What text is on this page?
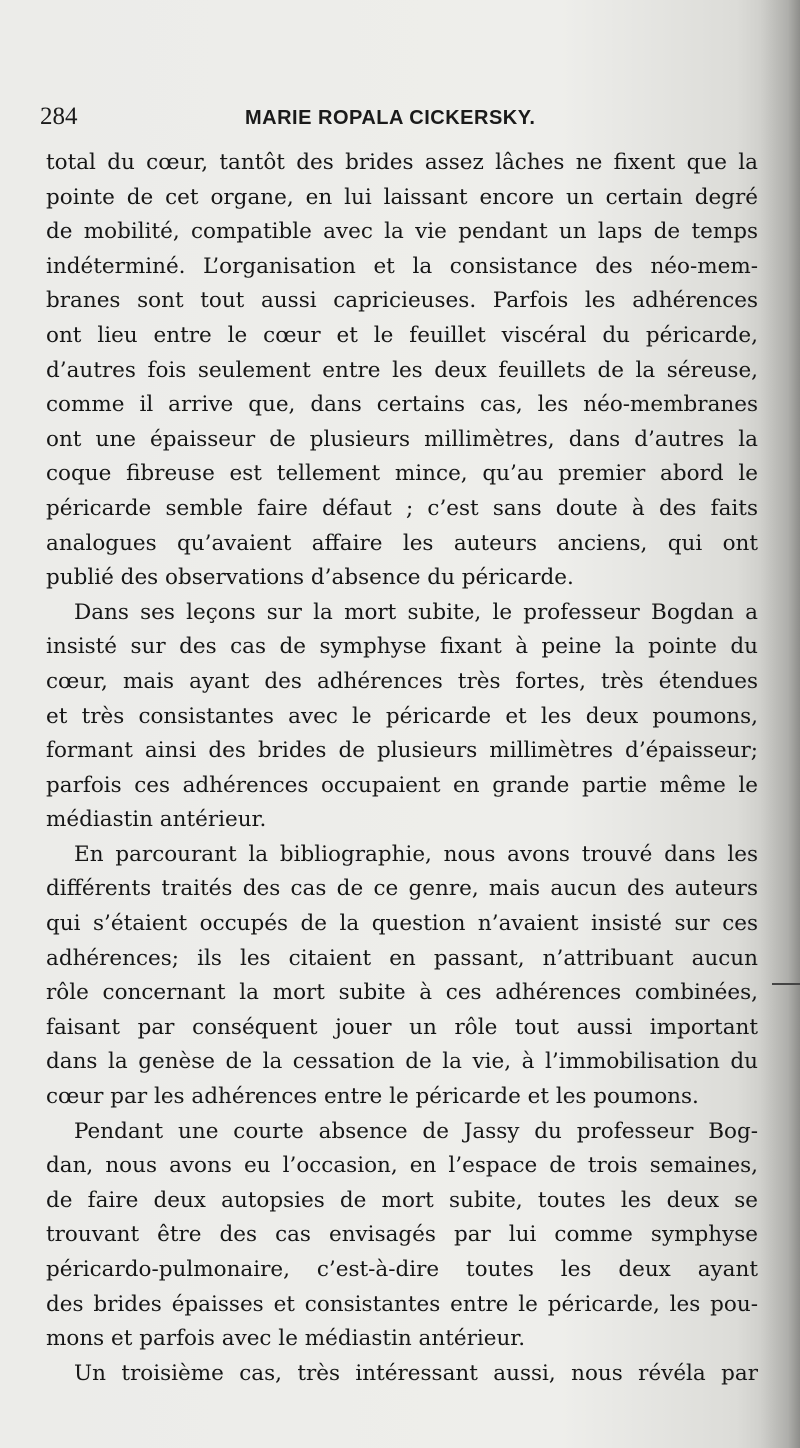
284	MARIE ROPALA CICKERSKY.
total du cœur, tantôt des brides assez lâches ne fixent que la
pointe de cet organe, en lui laissant encore un certain degré
de mobilité, compatible avec la vie pendant un laps de temps
indéterminé. L’organisation et la consistance des néo-mem-
branes sont tout aussi capricieuses. Parfois les adhérences
ont lieu entre le cœur et le feuillet viscéral du péricarde,
d’autres fois seulement entre les deux feuillets de la séreuse,
comme il arrive que, dans certains cas, les néo-membranes
ont une épaisseur de plusieurs millimètres, dans d’autres la
coque fibreuse est tellement mince, qu’au premier abord le
péricarde semble faire défaut ; c’est sans doute à des faits
analogues qu’avaient affaire les auteurs anciens, qui ont
publié des observations d’absence du péricarde.
Dans ses leçons sur la mort subite, le professeur Bogdan a
insisté sur des cas de symphyse fixant à peine la pointe du
cœur, mais ayant des adhérences très fortes, très étendues
et très consistantes avec le péricarde et les deux poumons,
formant ainsi des brides de plusieurs millimètres d’épaisseur;
parfois ces adhérences occupaient en grande partie même le
médiastin antérieur.
En parcourant la bibliographie, nous avons trouvé dans les
différents traités des cas de ce genre, mais aucun des auteurs
qui s’étaient occupés de la question n’avaient insisté sur ces
adhérences; ils les citaient en passant, n’attribuant aucun
rôle concernant la mort subite à ces adhérences combinées,
faisant par conséquent jouer un rôle tout aussi important
dans la genèse de la cessation de la vie, à l’immobilisation du
cœur par les adhérences entre le péricarde et les poumons.
Pendant une courte absence de Jassy du professeur Bog-
dan, nous avons eu l’occasion, en l’espace de trois semaines,
de faire deux autopsies de mort subite, toutes les deux se
trouvant être des cas envisagés par lui comme symphyse
péricardo-pulmonaire, c’est-à-dire toutes les deux ayant
des brides épaisses et consistantes entre le péricarde, les pou-
mons et parfois avec le médiastin antérieur.
Un troisième cas, très intéressant aussi, nous révéla par
